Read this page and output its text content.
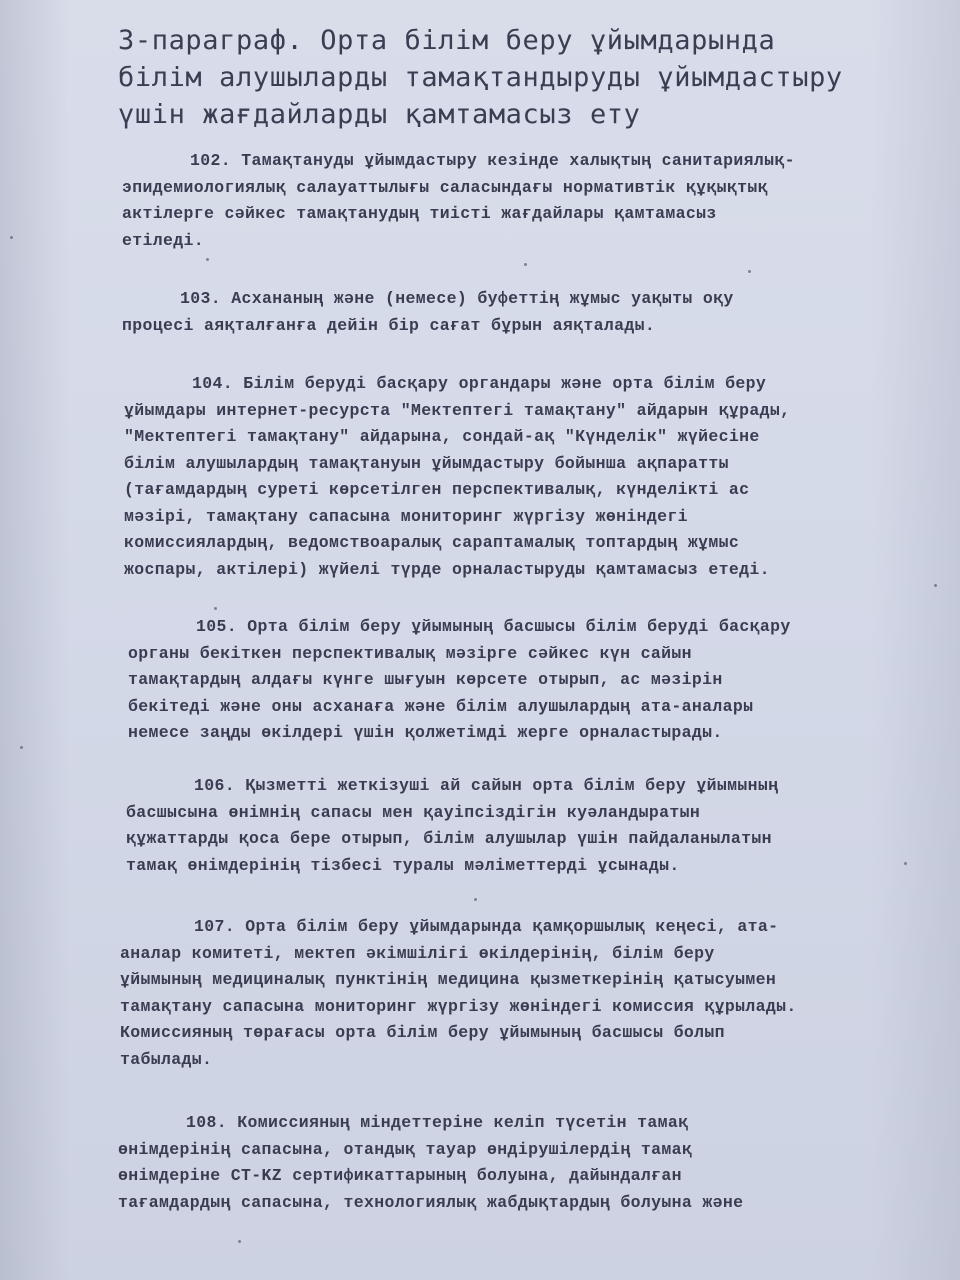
3-параграф. Орта білім беру ұйымдарында
білім алушыларды тамақтандыруды ұйымдастыру
үшін жағдайларды қамтамасыз ету
102. Тамақтануды ұйымдастыру кезінде халықтың санитариялық-
эпидемиологиялық салауаттылығы саласындағы нормативтік құқықтық
актілерге сәйкес тамақтанудың тиісті жағдайлары қамтамасыз
етіледі.
103. Асхананың және (немесе) буфеттің жұмыс уақыты оқу
процесі аяқталғанға дейін бір сағат бұрын аяқталады.
104. Білім беруді басқару органдары және орта білім беру
ұйымдары интернет-ресурста "Мектептегі тамақтану" айдарын құрады,
"Мектептегі тамақтану" айдарына, сондай-ақ "Күнделік" жүйесіне
білім алушылардың тамақтануын ұйымдастыру бойынша ақпаратты
(тағамдардың суреті көрсетілген перспективалық, күнделікті ас
мәзірі, тамақтану сапасына мониторинг жүргізу жөніндегі
комиссиялардың, ведомствоаралық сараптамалық топтардың жұмыс
жоспары, актілері) жүйелі түрде орналастыруды қамтамасыз етеді.
105. Орта білім беру ұйымының басшысы білім беруді басқару
органы бекіткен перспективалық мәзірге сәйкес күн сайын
тамақтардың алдағы күнге шығуын көрсете отырып, ас мәзірін
бекітеді және оны асханаға және білім алушылардың ата-аналары
немесе заңды өкілдері үшін қолжетімді жерге орналастырады.
106. Қызметті жеткізуші ай сайын орта білім беру ұйымының
басшысына өнімнің сапасы мен қауіпсіздігін куәландыратын
құжаттарды қоса бере отырып, білім алушылар үшін пайдаланылатын
тамақ өнімдерінің тізбесі туралы мәліметтерді ұсынады.
107. Орта білім беру ұйымдарында қамқоршылық кеңесі, ата-
аналар комитеті, мектеп әкімшілігі өкілдерінің, білім беру
ұйымының медициналық пунктінің медицина қызметкерінің қатысуымен
тамақтану сапасына мониторинг жүргізу жөніндегі комиссия құрылады.
Комиссияның төрағасы орта білім беру ұйымының басшысы болып
табылады.
108. Комиссияның міндеттеріне келіп түсетін тамақ
өнімдерінің сапасына, отандық тауар өндірушілердің тамақ
өнімдеріне СТ-KZ сертификаттарының болуына, дайындалған
тағамдардың сапасына, технологиялық жабдықтардың болуына және
